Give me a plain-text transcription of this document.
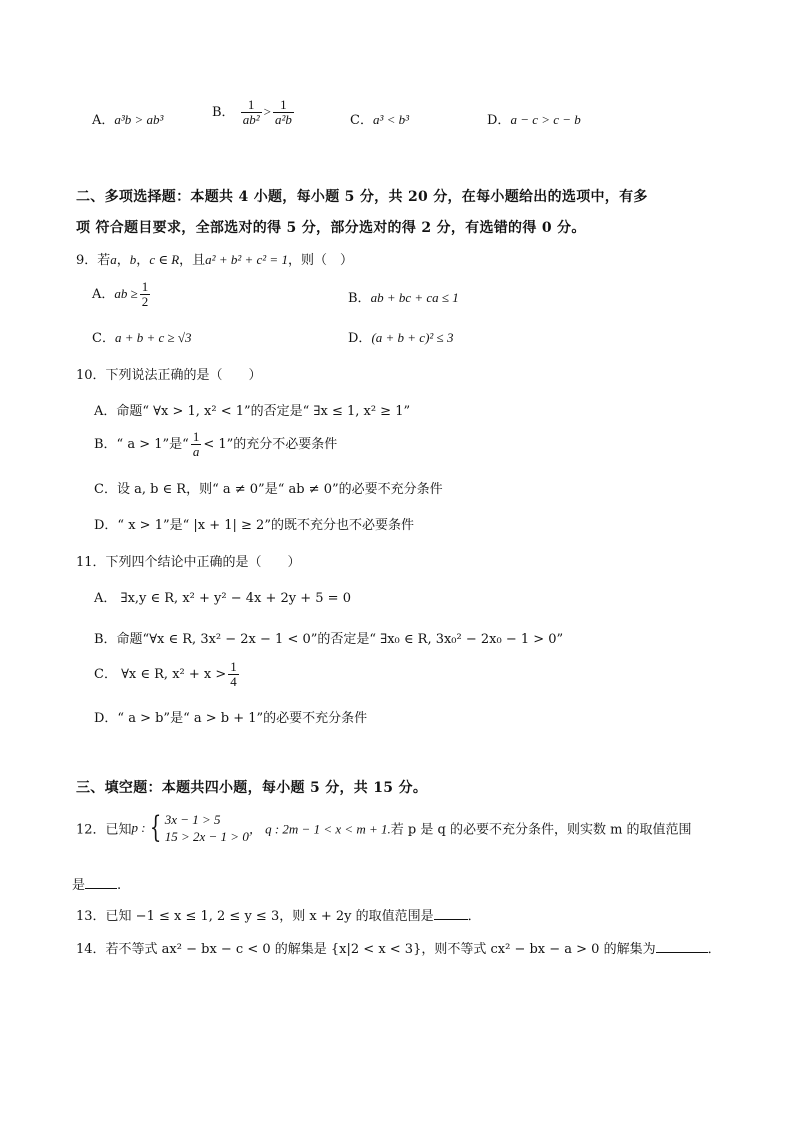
A．a³b > ab³	B． $\frac{1}{\text{ab²}} > \frac{1}{\text{a²b}}$	C．a³ < b³	D．a − c > c − b
二、多项选择题：本题共 4 小题，每小题 5 分，共 20 分，在每小题给出的选项中，有多
项 符合题目要求，全部选对的得 5 分，部分选对的得 2 分，有选错的得 0 分。
9．若a，b，c ∈ R，且a² + b² + c² = 1，则（　）
A．ab ≥ $\frac{1}{2}$	B．ab + bc + ca ≤ 1
C．a + b + c ≥ √3	D．(a + b + c)² ≤ 3
10．下列说法正确的是（　　）
A．命题“ ∀x > 1, x² < 1”的否定是“ ∃x ≤ 1, x² ≥ 1”
B．“ a > 1”是“ $\frac{1}{a} < 1$”的充分不必要条件
C．设 a, b ∈ R，则“ a ≠ 0”是“ ab ≠ 0”的必要不充分条件
D．“ x > 1”是“ |x + 1| ≥ 2”的既不充分也不必要条件
11．下列四个结论中正确的是（　　）
A． ∃x,y ∈ R, x² + y² − 4x + 2y + 5 = 0
B．命题“∀x ∈ R, 3x² − 2x − 1 < 0”的否定是“ ∃x₀ ∈ R, 3x₀² − 2x₀ − 1 > 0”
C． ∀x ∈ R, $x^2 + x > \frac{1}{4}$
D．“ a > b”是“ a > b + 1”的必要不充分条件
三、填空题：本题共四小题，每小题 5 分，共 15 分。
12．已知p : { 3x − 1 > 5
15 > 2x − 1 > 0 ， q : 2m − 1 < x < m + 1.若 p 是 q 的必要不充分条件，则实数 m 的取值范围
是 .
13．已知 −1 ≤ x ≤ 1, 2 ≤ y ≤ 3，则 x + 2y 的取值范围是	．
14．若不等式 ax² − bx − c < 0 的解集是 {x|2 < x < 3}，则不等式 cx² − bx − a > 0 的解集为	．
